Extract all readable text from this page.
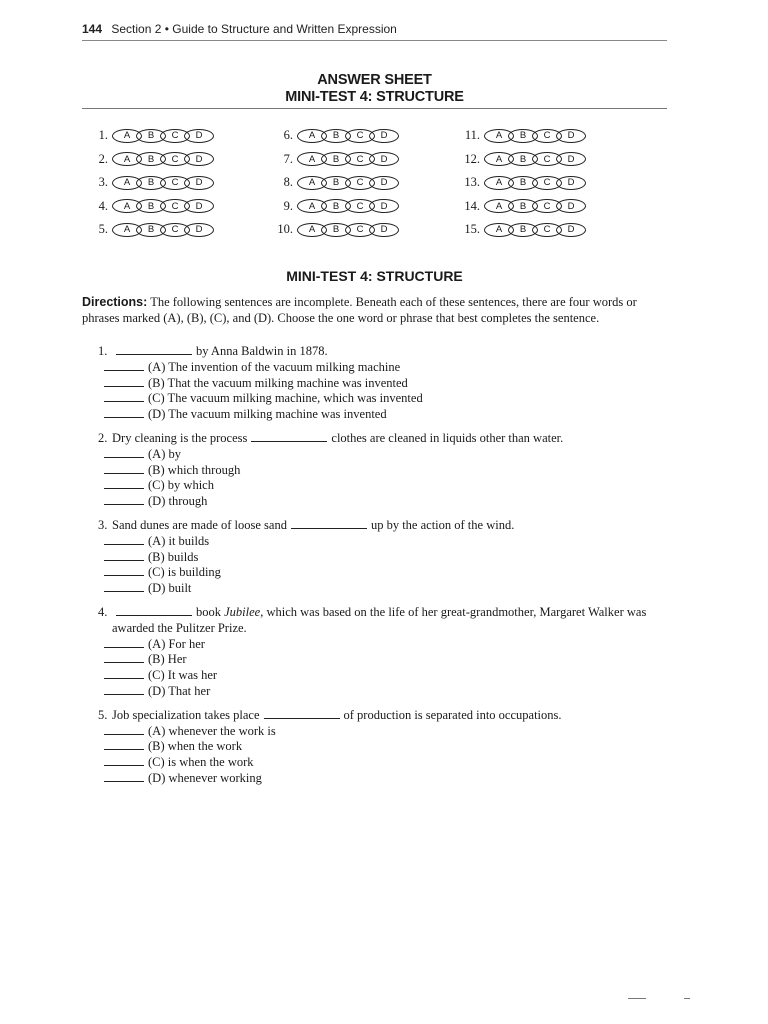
144 Section 2 • Guide to Structure and Written Expression
ANSWER SHEET
MINI-TEST 4: STRUCTURE
1.	A	B	C	D
2.	A	B	C	D
3.	A	B	C	D
4.	A	B	C	D
5.	A	B	C	D
6.	A	B	C	D
7.	A	B	C	D
8.	A	B	C	D
9.	A	B	C	D
10.	A	B	C	D
11.	A	B	C	D
12.	A	B	C	D
13.	A	B	C	D
14.	A	B	C	D
15.	A	B	C	D
MINI-TEST 4: STRUCTURE
Directions: The following sentences are incomplete. Beneath each of these sentences, there are four words or phrases marked (A), (B), (C), and (D). Choose the one word or phrase that best completes the sentence.
1.	by Anna Baldwin in 1878.
(A) The invention of the vacuum milking machine
(B) That the vacuum milking machine was invented
(C) The vacuum milking machine, which was invented
(D) The vacuum milking machine was invented
2. Dry cleaning is the process	clothes are cleaned in liquids other than water.
(A) by
(B) which through
(C) by which
(D) through
3. Sand dunes are made of loose sand	up by the action of the wind.
(A) it builds
(B) builds
(C) is building
(D) built
4.	book Jubilee, which was based on the life of her great-grandmother, Margaret Walker was awarded the Pulitzer Prize.
(A) For her
(B) Her
(C) It was her
(D) That her
5. Job specialization takes place	of production is separated into occupations.
(A) whenever the work is
(B) when the work
(C) is when the work
(D) whenever working
